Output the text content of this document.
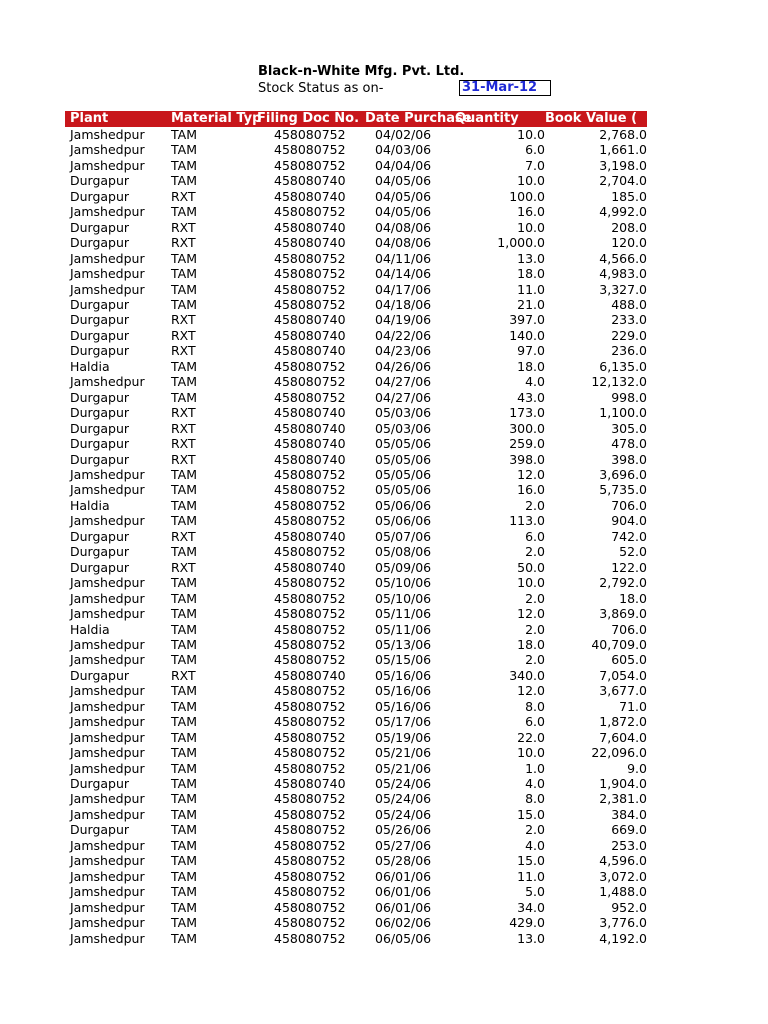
Black-n-White Mfg. Pvt. Ltd.
Stock Status as on-	31-Mar-12
Plant	Material Typ	Filing Doc No.	Date Purchase	Quantity	Book Value (
Jamshedpur	TAM	458080752	04/02/06	10.0	2,768.0
Jamshedpur	TAM	458080752	04/03/06	6.0	1,661.0
Jamshedpur	TAM	458080752	04/04/06	7.0	3,198.0
Durgapur	TAM	458080740	04/05/06	10.0	2,704.0
Durgapur	RXT	458080740	04/05/06	100.0	185.0
Jamshedpur	TAM	458080752	04/05/06	16.0	4,992.0
Durgapur	RXT	458080740	04/08/06	10.0	208.0
Durgapur	RXT	458080740	04/08/06	1,000.0	120.0
Jamshedpur	TAM	458080752	04/11/06	13.0	4,566.0
Jamshedpur	TAM	458080752	04/14/06	18.0	4,983.0
Jamshedpur	TAM	458080752	04/17/06	11.0	3,327.0
Durgapur	TAM	458080752	04/18/06	21.0	488.0
Durgapur	RXT	458080740	04/19/06	397.0	233.0
Durgapur	RXT	458080740	04/22/06	140.0	229.0
Durgapur	RXT	458080740	04/23/06	97.0	236.0
Haldia	TAM	458080752	04/26/06	18.0	6,135.0
Jamshedpur	TAM	458080752	04/27/06	4.0	12,132.0
Durgapur	TAM	458080752	04/27/06	43.0	998.0
Durgapur	RXT	458080740	05/03/06	173.0	1,100.0
Durgapur	RXT	458080740	05/03/06	300.0	305.0
Durgapur	RXT	458080740	05/05/06	259.0	478.0
Durgapur	RXT	458080740	05/05/06	398.0	398.0
Jamshedpur	TAM	458080752	05/05/06	12.0	3,696.0
Jamshedpur	TAM	458080752	05/05/06	16.0	5,735.0
Haldia	TAM	458080752	05/06/06	2.0	706.0
Jamshedpur	TAM	458080752	05/06/06	113.0	904.0
Durgapur	RXT	458080740	05/07/06	6.0	742.0
Durgapur	TAM	458080752	05/08/06	2.0	52.0
Durgapur	RXT	458080740	05/09/06	50.0	122.0
Jamshedpur	TAM	458080752	05/10/06	10.0	2,792.0
Jamshedpur	TAM	458080752	05/10/06	2.0	18.0
Jamshedpur	TAM	458080752	05/11/06	12.0	3,869.0
Haldia	TAM	458080752	05/11/06	2.0	706.0
Jamshedpur	TAM	458080752	05/13/06	18.0	40,709.0
Jamshedpur	TAM	458080752	05/15/06	2.0	605.0
Durgapur	RXT	458080740	05/16/06	340.0	7,054.0
Jamshedpur	TAM	458080752	05/16/06	12.0	3,677.0
Jamshedpur	TAM	458080752	05/16/06	8.0	71.0
Jamshedpur	TAM	458080752	05/17/06	6.0	1,872.0
Jamshedpur	TAM	458080752	05/19/06	22.0	7,604.0
Jamshedpur	TAM	458080752	05/21/06	10.0	22,096.0
Jamshedpur	TAM	458080752	05/21/06	1.0	9.0
Durgapur	TAM	458080740	05/24/06	4.0	1,904.0
Jamshedpur	TAM	458080752	05/24/06	8.0	2,381.0
Jamshedpur	TAM	458080752	05/24/06	15.0	384.0
Durgapur	TAM	458080752	05/26/06	2.0	669.0
Jamshedpur	TAM	458080752	05/27/06	4.0	253.0
Jamshedpur	TAM	458080752	05/28/06	15.0	4,596.0
Jamshedpur	TAM	458080752	06/01/06	11.0	3,072.0
Jamshedpur	TAM	458080752	06/01/06	5.0	1,488.0
Jamshedpur	TAM	458080752	06/01/06	34.0	952.0
Jamshedpur	TAM	458080752	06/02/06	429.0	3,776.0
Jamshedpur	TAM	458080752	06/05/06	13.0	4,192.0
